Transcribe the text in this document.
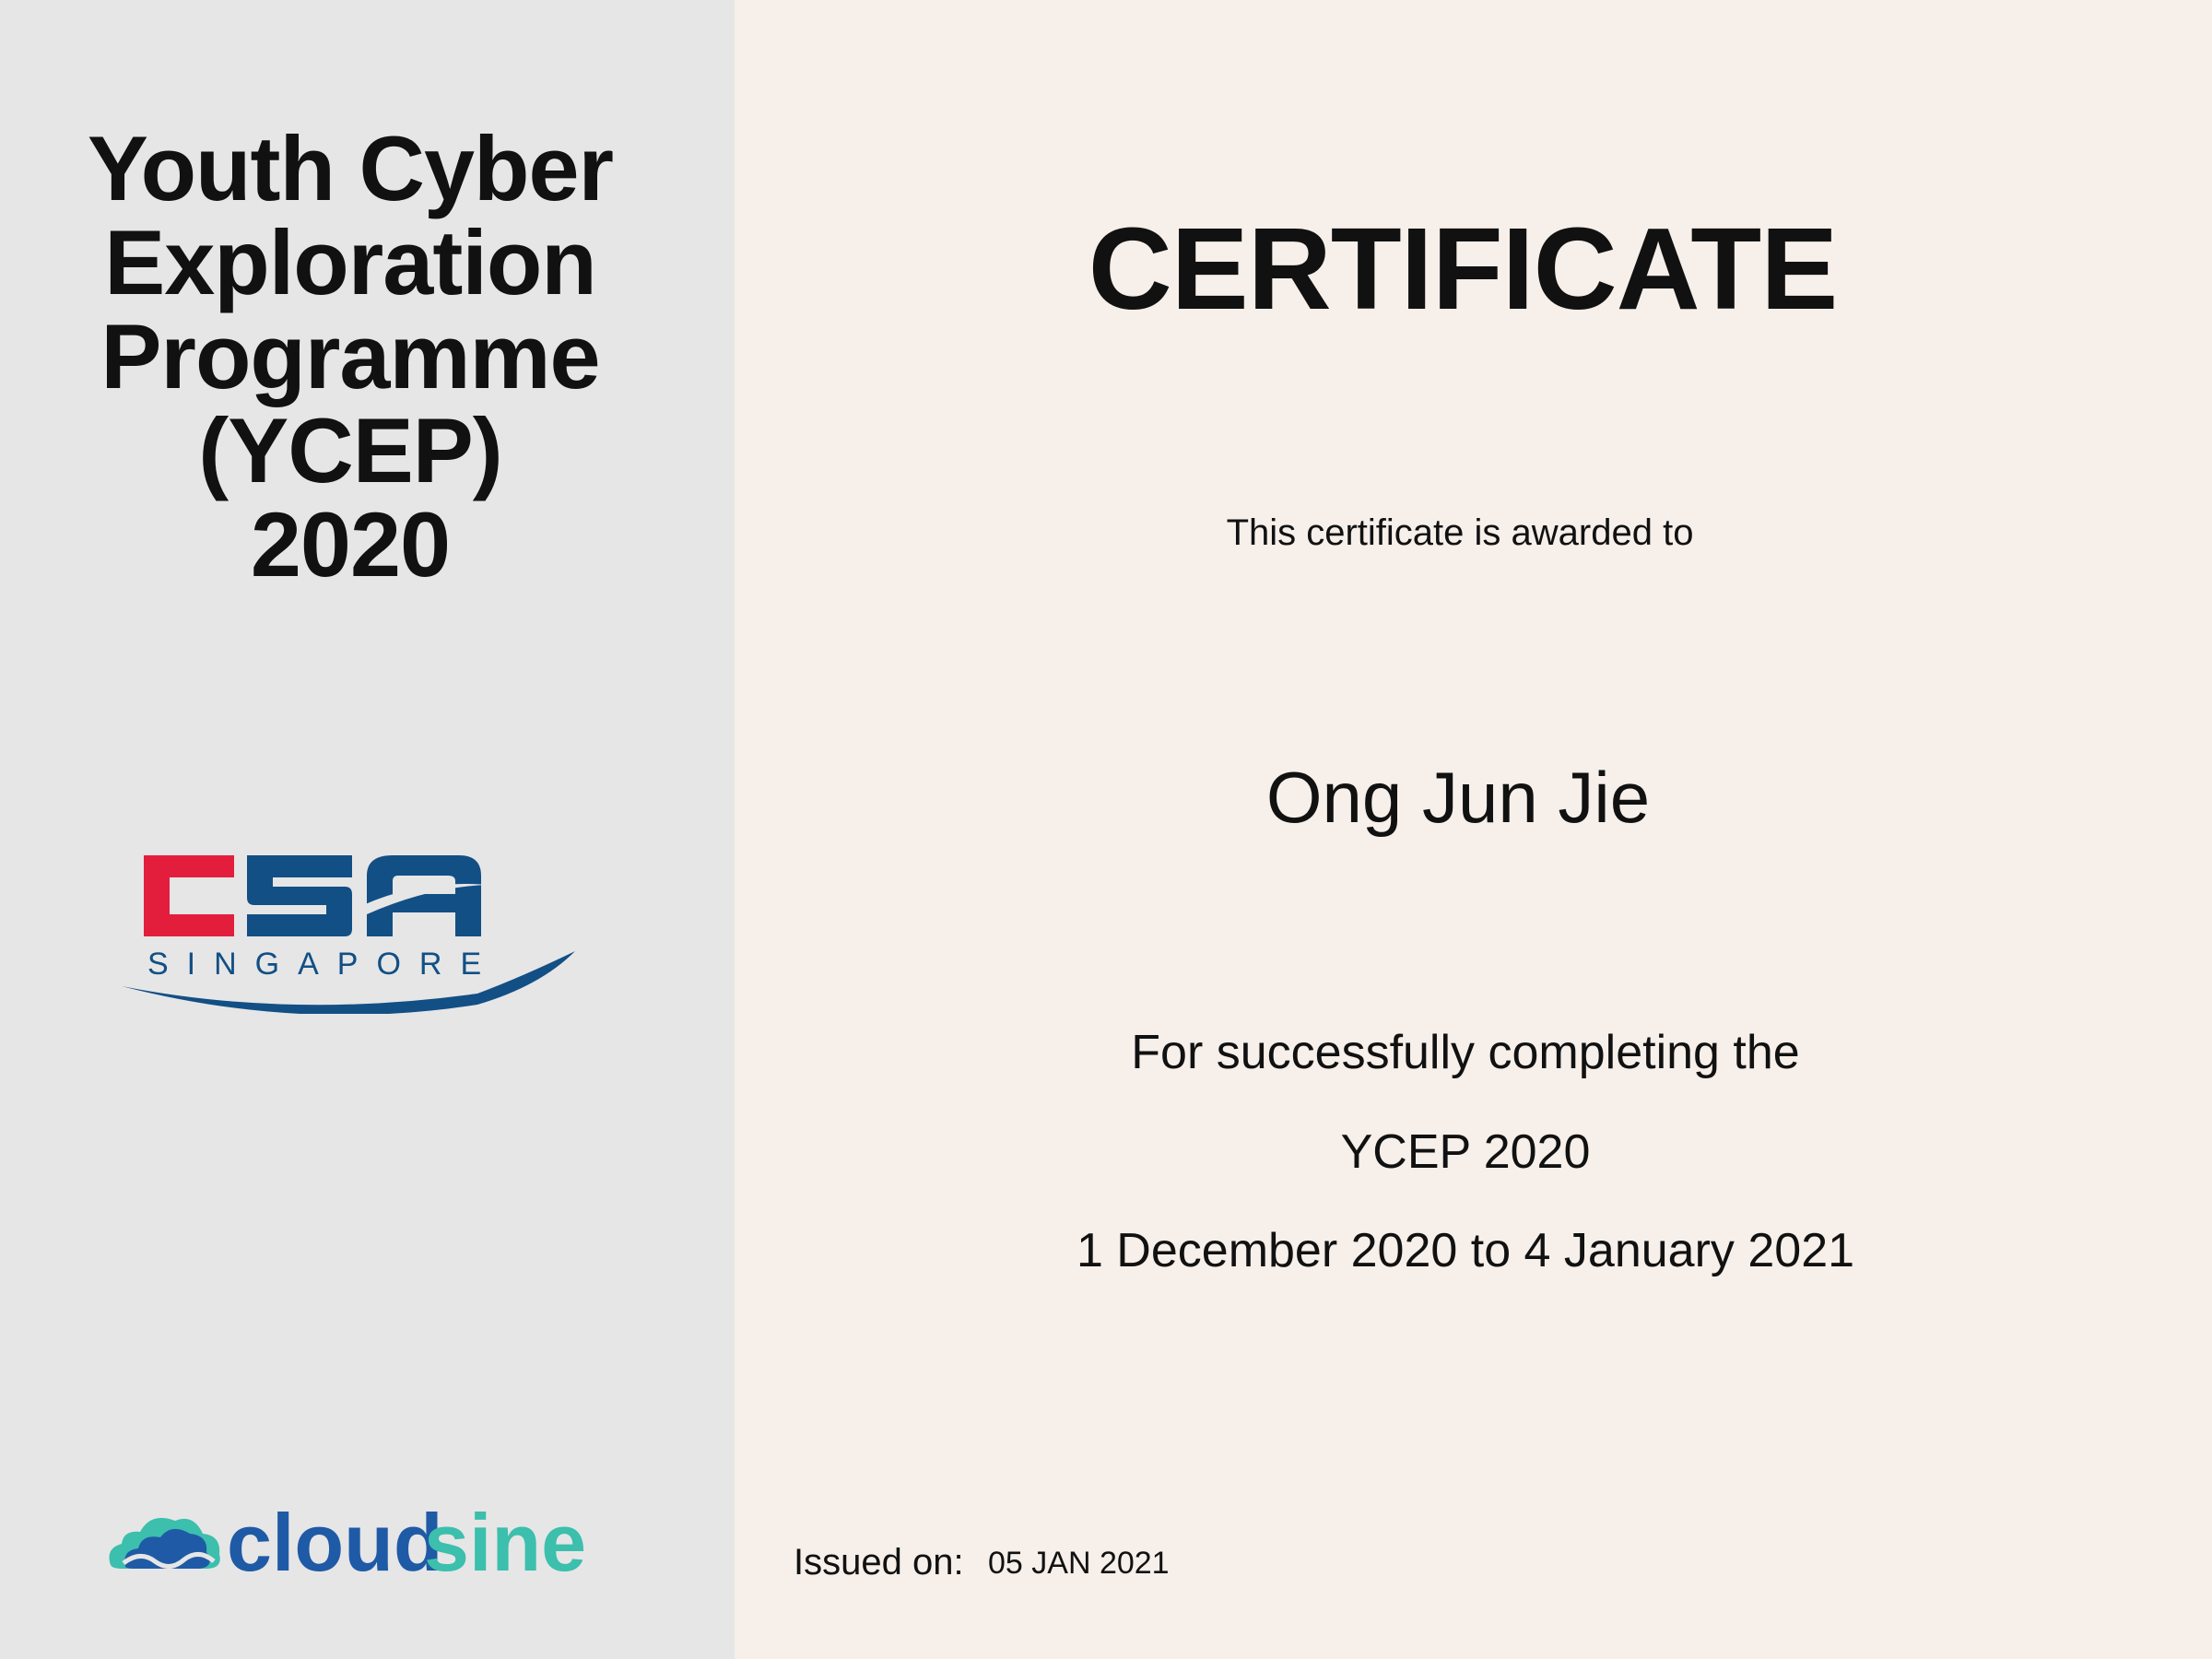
Youth Cyber
Exploration
Programme
(YCEP)
2020
SINGAPORE
cloud
sine
CERTIFICATE
This certificate is awarded to
Ong Jun Jie
For successfully completing the
YCEP 2020
1 December 2020 to 4 January 2021
Issued on: 05 JAN 2021
